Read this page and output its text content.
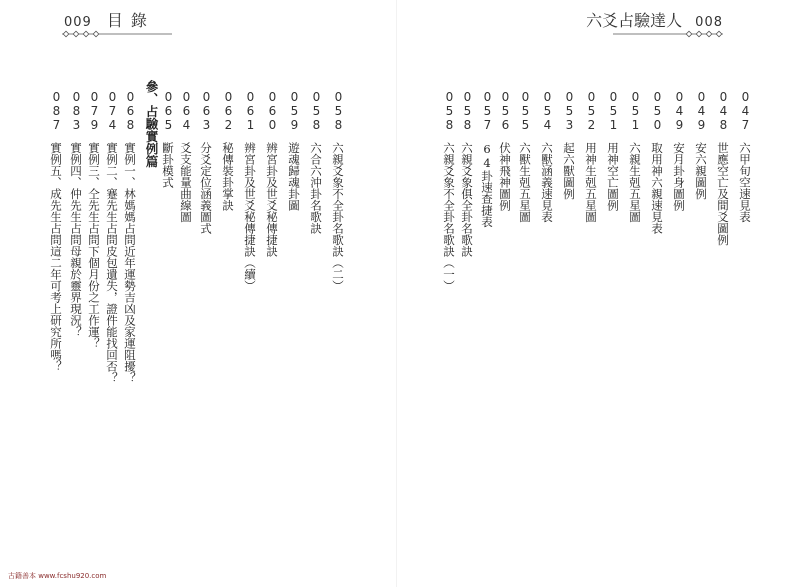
009 目錄	六爻占驗達人 008
參、占驗實例篇	058
六親爻象不全卦名歌訣（二）
058
六合六沖卦名歌訣
059
遊魂歸魂卦圖
060
辨宮卦及世爻秘傳捷訣
061
辨宮卦及世爻秘傳捷訣（續）
062
秘傳裝卦掌訣
063
分爻定位涵義圖式
064
爻支能量曲線圖
065
斷卦模式
068
實例一、林媽媽占問近年運勢吉凶及家運阻擾？
074
實例二、蹇先生占問皮包遺失，證件能找回否？
079
實例三、仝先生占問下個月份之工作運？
083
實例四、仲先生占問母親於靈界現況？
087
實例五、成先生占問這二年可考上研究所嗎？
047
六甲旬空速見表
048
世應空亡及間爻圖例
049
安六親圖例
049
安月卦身圖例
050
取用神六親速見表
051
六親生剋五星圖
051
用神空亡圖例
052
用神生剋五星圖
053
起六獸圖例
054
六獸涵義速見表
055
六獸生剋五星圖
056
伏神飛神圖例
057
64卦速查捷表
058
六親爻象俱全卦名歌訣
058
六親爻象不全卦名歌訣（一）
古籍善本 www.fcshu920.com
